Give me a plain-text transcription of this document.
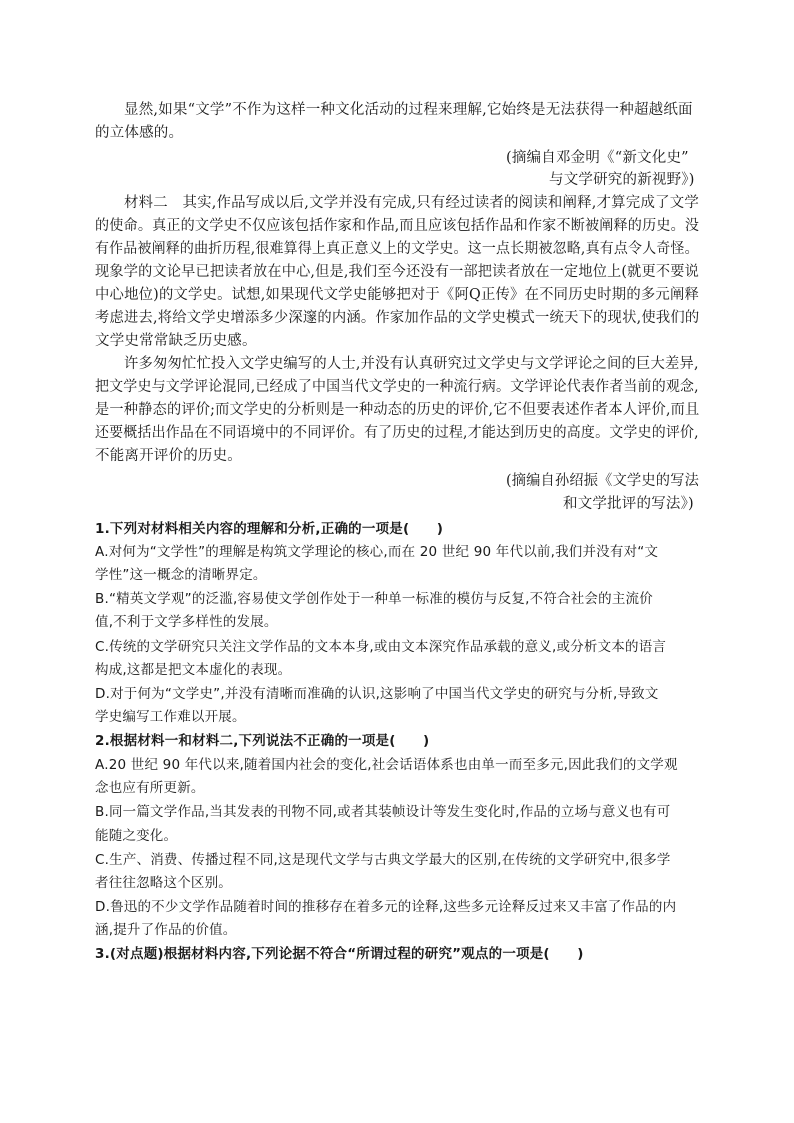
显然,如果“文学”不作为这样一种文化活动的过程来理解,它始终是无法获得一种超越纸面
的立体感的。
(摘编自邓金明《“新文化史”
与文学研究的新视野》)
材料二　其实,作品写成以后,文学并没有完成,只有经过读者的阅读和阐释,才算完成了文学
的使命。真正的文学史不仅应该包括作家和作品,而且应该包括作品和作家不断被阐释的历史。没
有作品被阐释的曲折历程,很难算得上真正意义上的文学史。这一点长期被忽略,真有点令人奇怪。
现象学的文论早已把读者放在中心,但是,我们至今还没有一部把读者放在一定地位上(就更不要说
中心地位)的文学史。试想,如果现代文学史能够把对于《阿Q正传》在不同历史时期的多元阐释
考虑进去,将给文学史增添多少深邃的内涵。作家加作品的文学史模式一统天下的现状,使我们的
文学史常常缺乏历史感。
许多匆匆忙忙投入文学史编写的人士,并没有认真研究过文学史与文学评论之间的巨大差异,
把文学史与文学评论混同,已经成了中国当代文学史的一种流行病。文学评论代表作者当前的观念,
是一种静态的评价;而文学史的分析则是一种动态的历史的评价,它不但要表述作者本人评价,而且
还要概括出作品在不同语境中的不同评价。有了历史的过程,才能达到历史的高度。文学史的评价,
不能离开评价的历史。
(摘编自孙绍振《文学史的写法
和文学批评的写法》)
1.下列对材料相关内容的理解和分析,正确的一项是(　　)
A.对何为“文学性”的理解是构筑文学理论的核心,而在 20 世纪 90 年代以前,我们并没有对“文
学性”这一概念的清晰界定。
B.“精英文学观”的泛滥,容易使文学创作处于一种单一标准的模仿与反复,不符合社会的主流价
值,不利于文学多样性的发展。
C.传统的文学研究只关注文学作品的文本本身,或由文本深究作品承载的意义,或分析文本的语言
构成,这都是把文本虚化的表现。
D.对于何为“文学史”,并没有清晰而准确的认识,这影响了中国当代文学史的研究与分析,导致文
学史编写工作难以开展。
2.根据材料一和材料二,下列说法不正确的一项是(　　)
A.20 世纪 90 年代以来,随着国内社会的变化,社会话语体系也由单一而至多元,因此我们的文学观
念也应有所更新。
B.同一篇文学作品,当其发表的刊物不同,或者其装帧设计等发生变化时,作品的立场与意义也有可
能随之变化。
C.生产、消费、传播过程不同,这是现代文学与古典文学最大的区别,在传统的文学研究中,很多学
者往往忽略这个区别。
D.鲁迅的不少文学作品随着时间的推移存在着多元的诠释,这些多元诠释反过来又丰富了作品的内
涵,提升了作品的价值。
3.(对点题)根据材料内容,下列论据不符合“所谓过程的研究”观点的一项是(　　)
